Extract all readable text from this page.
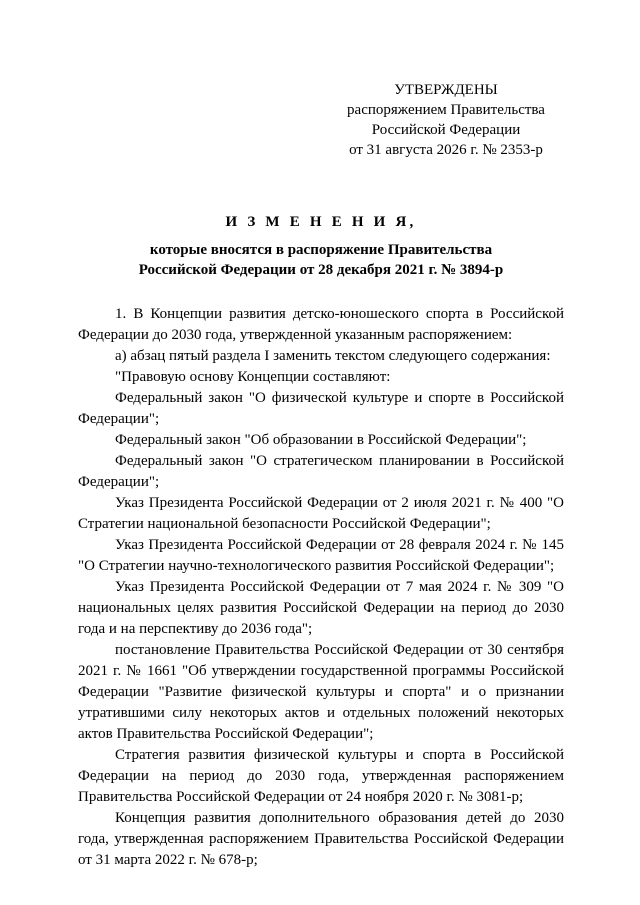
УТВЕРЖДЕНЫ
распоряжением Правительства
Российской Федерации
от 31 августа 2026 г. № 2353-р
И З М Е Н Е Н И Я,
которые вносятся в распоряжение Правительства
Российской Федерации от 28 декабря 2021 г. № 3894-р

1. В Концепции развития детско-юношеского спорта в Российской Федерации до 2030 года, утвержденной указанным распоряжением:

а) абзац пятый раздела I заменить текстом следующего содержания:

"Правовую основу Концепции составляют:

Федеральный закон "О физической культуре и спорте в Российской Федерации";

Федеральный закон "Об образовании в Российской Федерации";

Федеральный закон "О стратегическом планировании в Российской Федерации";

Указ Президента Российской Федерации от 2 июля 2021 г. № 400 "О Стратегии национальной безопасности Российской Федерации";

Указ Президента Российской Федерации от 28 февраля 2024 г. № 145 "О Стратегии научно-технологического развития Российской Федерации";

Указ Президента Российской Федерации от 7 мая 2024 г. № 309 "О национальных целях развития Российской Федерации на период до 2030 года и на перспективу до 2036 года";

постановление Правительства Российской Федерации от 30 сентября 2021 г. № 1661 "Об утверждении государственной программы Российской Федерации "Развитие физической культуры и спорта" и о признании утратившими силу некоторых актов и отдельных положений некоторых актов Правительства Российской Федерации";

Стратегия развития физической культуры и спорта в Российской Федерации на период до 2030 года, утвержденная распоряжением Правительства Российской Федерации от 24 ноября 2020 г. № 3081-р;

Концепция развития дополнительного образования детей до 2030 года, утвержденная распоряжением Правительства Российской Федерации от 31 марта 2022 г. № 678-р;
